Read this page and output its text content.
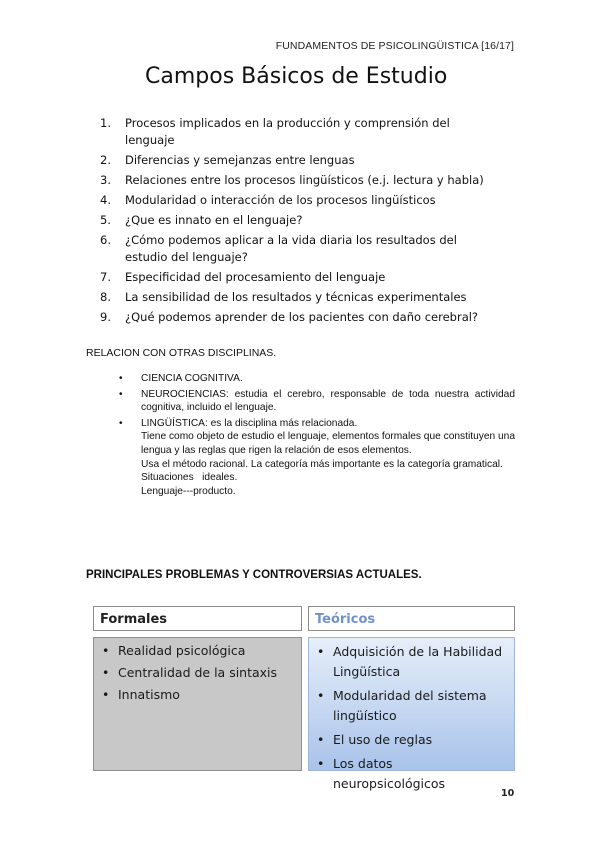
FUNDAMENTOS DE PSICOLINGÜISTICA [16/17]
Campos Básicos de Estudio
1. Procesos implicados en la producción y comprensión del lenguaje
2. Diferencias y semejanzas entre lenguas
3. Relaciones entre los procesos lingüísticos (e.j. lectura y habla)
4. Modularidad o interacción de los procesos lingüísticos
5. ¿Que es innato en el lenguaje?
6. ¿Cómo podemos aplicar a la vida diaria los resultados del estudio del lenguaje?
7. Especificidad del procesamiento del lenguaje
8. La sensibilidad de los resultados y técnicas experimentales
9. ¿Qué podemos aprender de los pacientes con daño cerebral?
RELACION CON OTRAS DISCIPLINAS.
• CIENCIA COGNITIVA.
• NEUROCIENCIAS: estudia el cerebro, responsable de toda nuestra actividad cognitiva, incluido el lenguaje.
• LINGÜÍSTICA: es la disciplina más relacionada.
Tiene como objeto de estudio el lenguaje, elementos formales que constituyen una lengua y las reglas que rigen la relación de esos elementos.
Usa el método racional. La categoría más importante es la categoría gramatical.
Situaciones   ideales.
Lenguaje---producto.
PRINCIPALES PROBLEMAS Y CONTROVERSIAS ACTUALES.
Formales	Teóricos
• Realidad psicológica
• Centralidad de la sintaxis
• Innatismo
• Adquisición de la Habilidad Lingüística
• Modularidad del sistema lingüístico
• El uso de reglas
• Los datos neuropsicológicos
10
